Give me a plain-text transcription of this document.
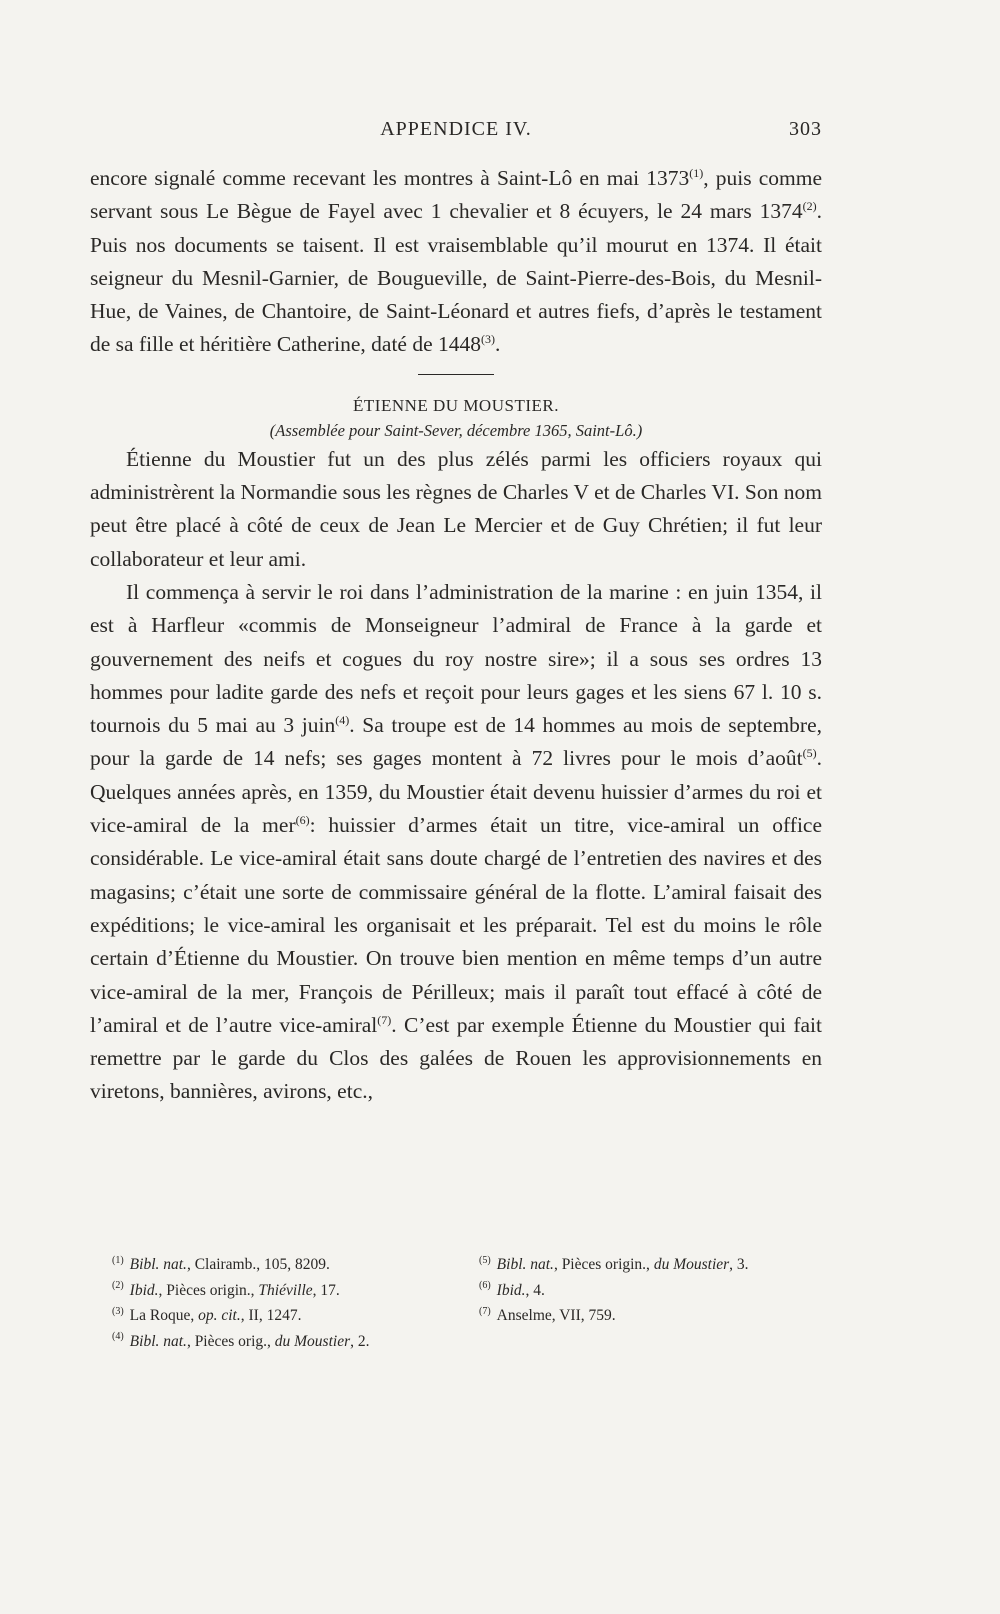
APPENDICE IV.	303

encore signalé comme recevant les montres à Saint-Lô en mai 1373$^{(1)}$, puis comme servant sous Le Bègue de Fayel avec 1 chevalier et 8 écuyers, le 24 mars 1374$^{(2)}$. Puis nos documents se taisent. Il est vraisemblable qu’il mourut en 1374. Il était seigneur du Mesnil-Garnier, de Bougueville, de Saint-Pierre-des-Bois, du Mesnil-Hue, de Vaines, de Chantoire, de Saint-Léonard et autres fiefs, d’après le testament de sa fille et héritière Catherine, daté de 1448$^{(3)}$.

ÉTIENNE DU MOUSTIER.

(Assemblée pour Saint-Sever, décembre 1365, Saint-Lô.)

Étienne du Moustier fut un des plus zélés parmi les officiers royaux qui administrèrent la Normandie sous les règnes de Charles V et de Charles VI. Son nom peut être placé à côté de ceux de Jean Le Mercier et de Guy Chrétien; il fut leur collaborateur et leur ami.

Il commença à servir le roi dans l’administration de la marine : en juin 1354, il est à Harfleur «commis de Monseigneur l’admiral de France à la garde et gouvernement des neifs et cogues du roy nostre sire»; il a sous ses ordres 13 hommes pour ladite garde des nefs et reçoit pour leurs gages et les siens 67 l. 10 s. tournois du 5 mai au 3 juin$^{(4)}$. Sa troupe est de 14 hommes au mois de septembre, pour la garde de 14 nefs; ses gages montent à 72 livres pour le mois d’août$^{(5)}$. Quelques années après, en 1359, du Moustier était devenu huissier d’armes du roi et vice-amiral de la mer$^{(6)}$: huissier d’armes était un titre, vice-amiral un office considérable. Le vice-amiral était sans doute chargé de l’entretien des navires et des magasins; c’était une sorte de commissaire général de la flotte. L’amiral faisait des expéditions; le vice-amiral les organisait et les préparait. Tel est du moins le rôle certain d’Étienne du Moustier. On trouve bien mention en même temps d’un autre vice-amiral de la mer, François de Périlleux; mais il paraît tout effacé à côté de l’amiral et de l’autre vice-amiral$^{(7)}$. C’est par exemple Étienne du Moustier qui fait remettre par le garde du Clos des galées de Rouen les approvisionnements en viretons, bannières, avirons, etc.,

$^{(1)}$ Bibl. nat., Clairamb., 105, 8209.
$^{(2)}$ Ibid., Pièces origin., Thiéville, 17.
$^{(3)}$ La Roque, op. cit., II, 1247.
$^{(4)}$ Bibl. nat., Pièces orig., du Moustier, 2.
$^{(5)}$ Bibl. nat., Pièces origin., du Moustier, 3.
$^{(6)}$ Ibid., 4.
$^{(7)}$ Anselme, VII, 759.
